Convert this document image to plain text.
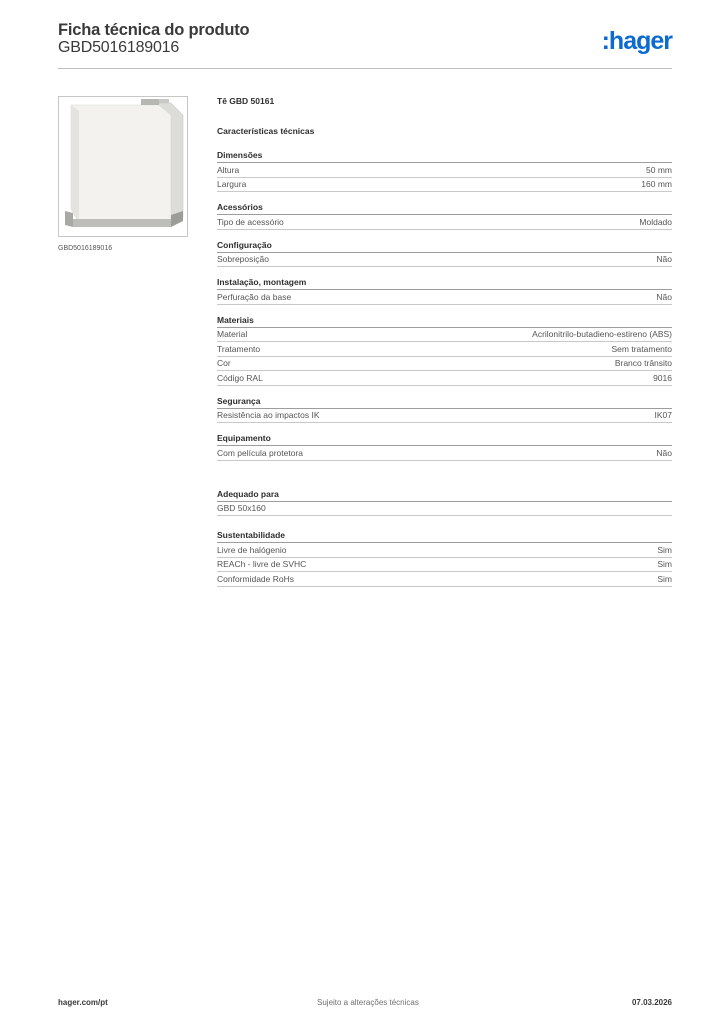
Ficha técnica do produto
GBD5016189016	:hager
GBD5016189016
Tê GBD 50161
Características técnicas
Dimensões
Altura	50 mm
Largura	160 mm
Acessórios
Tipo de acessório	Moldado
Configuração
Sobreposição	Não
Instalação, montagem
Perfuração da base	Não
Materiais
Material	Acrilonitrilo-butadieno-estireno (ABS)
Tratamento	Sem tratamento
Cor	Branco trânsito
Código RAL	9016
Segurança
Resistência ao impactos IK	IK07
Equipamento
Com película protetora	Não
Adequado para
GBD 50x160
Sustentabilidade
Livre de halógenio	Sim
REACh - livre de SVHC	Sim
Conformidade RoHs	Sim
hager.com/pt	Sujeito a alterações técnicas	07.03.2026
